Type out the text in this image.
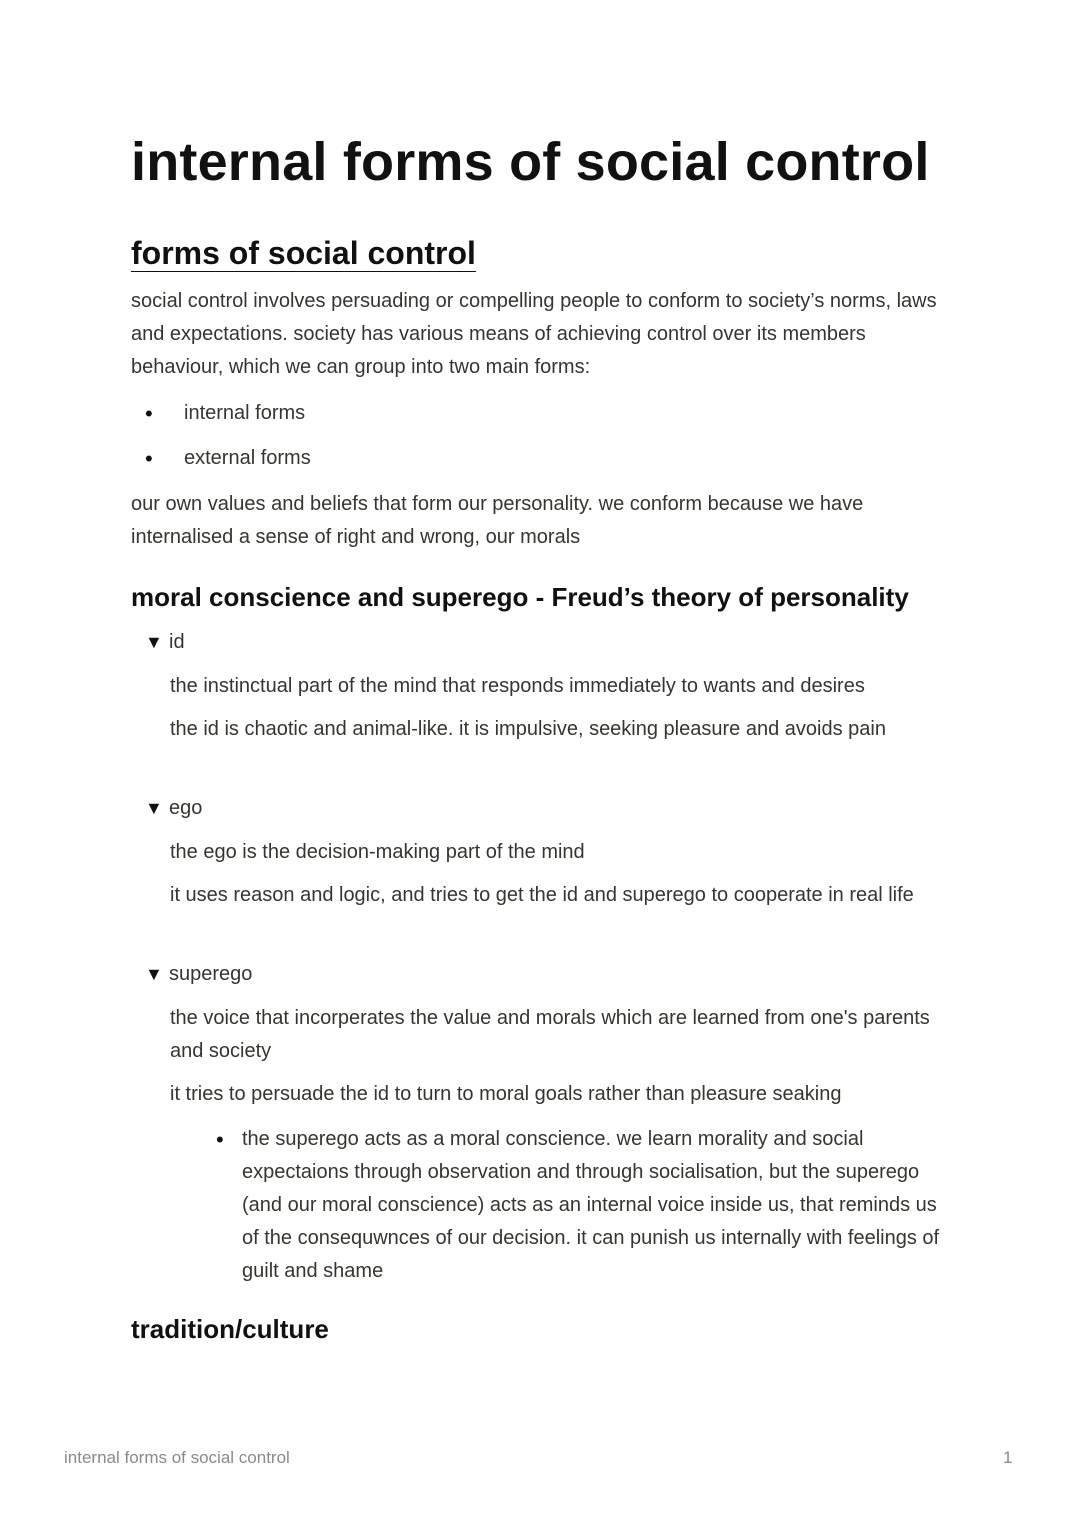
internal forms of social control
forms of social control

social control involves persuading or compelling people to conform to society’s norms, laws and expectations. society has various means of achieving control over its members behaviour, which we can group into two main forms:

• internal forms
• external forms

our own values and beliefs that form our personality. we conform because we have internalised a sense of right and wrong, our morals

moral conscience and superego - Freud’s theory of personality
▼ id

the instinctual part of the mind that responds immediately to wants and desires

the id is chaotic and animal-like. it is impulsive, seeking pleasure and avoids pain

▼ ego

the ego is the decision-making part of the mind

it uses reason and logic, and tries to get the id and superego to cooperate in real life

▼ superego

the voice that incorperates the value and morals which are learned from one's parents and society

it tries to persuade the id to turn to moral goals rather than pleasure seaking

• the superego acts as a moral conscience. we learn morality and social expectaions through observation and through socialisation, but the superego (and our moral conscience) acts as an internal voice inside us, that reminds us of the consequwnces of our decision. it can punish us internally with feelings of guilt and shame
tradition/culture
internal forms of social control	1
